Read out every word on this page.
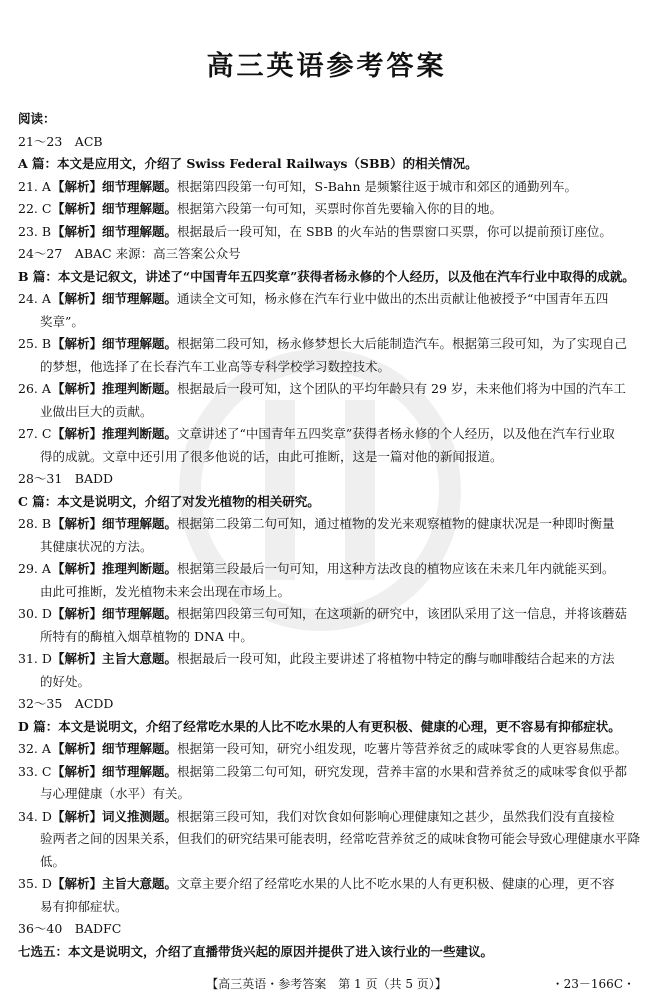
高三英语参考答案
阅读：
21～23　ACB
A 篇：本文是应用文，介绍了 Swiss Federal Railways（SBB）的相关情况。
21. A【解析】细节理解题。根据第四段第一句可知，S-Bahn 是频繁往返于城市和郊区的通勤列车。
22. C【解析】细节理解题。根据第六段第一句可知，买票时你首先要输入你的目的地。
23. B【解析】细节理解题。根据最后一段可知，在 SBB 的火车站的售票窗口买票，你可以提前预订座位。
24～27　ABAC 来源：高三答案公众号
B 篇：本文是记叙文，讲述了“中国青年五四奖章”获得者杨永修的个人经历，以及他在汽车行业中取得的成就。
24. A【解析】细节理解题。通读全文可知，杨永修在汽车行业中做出的杰出贡献让他被授予“中国青年五四
奖章”。
25. B【解析】细节理解题。根据第二段可知，杨永修梦想长大后能制造汽车。根据第三段可知，为了实现自己
的梦想，他选择了在长春汽车工业高等专科学校学习数控技术。
26. A【解析】推理判断题。根据最后一段可知，这个团队的平均年龄只有 29 岁，未来他们将为中国的汽车工
业做出巨大的贡献。
27. C【解析】推理判断题。文章讲述了“中国青年五四奖章”获得者杨永修的个人经历，以及他在汽车行业取
得的成就。文章中还引用了很多他说的话，由此可推断，这是一篇对他的新闻报道。
28～31　BADD
C 篇：本文是说明文，介绍了对发光植物的相关研究。
28. B【解析】细节理解题。根据第二段第二句可知，通过植物的发光来观察植物的健康状况是一种即时衡量
其健康状况的方法。
29. A【解析】推理判断题。根据第三段最后一句可知，用这种方法改良的植物应该在未来几年内就能买到。
由此可推断，发光植物未来会出现在市场上。
30. D【解析】细节理解题。根据第四段第三句可知，在这项新的研究中，该团队采用了这一信息，并将该蘑菇
所特有的酶植入烟草植物的 DNA 中。
31. D【解析】主旨大意题。根据最后一段可知，此段主要讲述了将植物中特定的酶与咖啡酸结合起来的方法
的好处。
32～35　ACDD
D 篇：本文是说明文，介绍了经常吃水果的人比不吃水果的人有更积极、健康的心理，更不容易有抑郁症状。
32. A【解析】细节理解题。根据第一段可知，研究小组发现，吃薯片等营养贫乏的咸味零食的人更容易焦虑。
33. C【解析】细节理解题。根据第二段第二句可知，研究发现，营养丰富的水果和营养贫乏的咸味零食似乎都
与心理健康（水平）有关。
34. D【解析】词义推测题。根据第三段可知，我们对饮食如何影响心理健康知之甚少，虽然我们没有直接检
验两者之间的因果关系，但我们的研究结果可能表明，经常吃营养贫乏的咸味食物可能会导致心理健康水平降低。
35. D【解析】主旨大意题。文章主要介绍了经常吃水果的人比不吃水果的人有更积极、健康的心理，更不容
易有抑郁症状。
36～40　BADFC
七选五：本文是说明文，介绍了直播带货兴起的原因并提供了进入该行业的一些建议。
【高三英语・参考答案　第 1 页（共 5 页）】	・23－166C・
